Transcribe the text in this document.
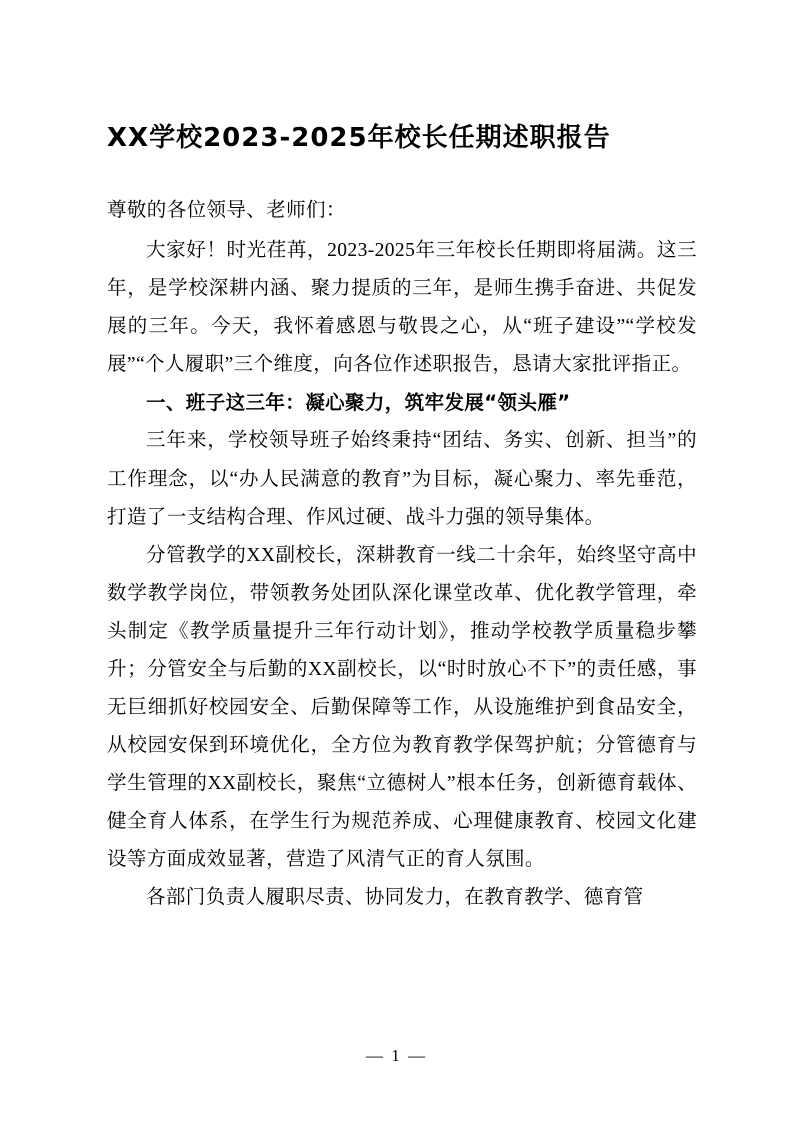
XX学校2023-2025年校长任期述职报告
尊敬的各位领导、老师们：

大家好！时光荏苒，2023-2025年三年校长任期即将届满。这三年，是学校深耕内涵、聚力提质的三年，是师生携手奋进、共促发展的三年。今天，我怀着感恩与敬畏之心，从“班子建设”“学校发展”“个人履职”三个维度，向各位作述职报告，恳请大家批评指正。

一、班子这三年：凝心聚力，筑牢发展“领头雁”

三年来，学校领导班子始终秉持“团结、务实、创新、担当”的工作理念，以“办人民满意的教育”为目标，凝心聚力、率先垂范，打造了一支结构合理、作风过硬、战斗力强的领导集体。

分管教学的XX副校长，深耕教育一线二十余年，始终坚守高中数学教学岗位，带领教务处团队深化课堂改革、优化教学管理，牵头制定《教学质量提升三年行动计划》，推动学校教学质量稳步攀升；分管安全与后勤的XX副校长，以“时时放心不下”的责任感，事无巨细抓好校园安全、后勤保障等工作，从设施维护到食品安全，从校园安保到环境优化，全方位为教育教学保驾护航；分管德育与学生管理的XX副校长，聚焦“立德树人”根本任务，创新德育载体、健全育人体系，在学生行为规范养成、心理健康教育、校园文化建设等方面成效显著，营造了风清气正的育人氛围。

各部门负责人履职尽责、协同发力，在教育教学、德育管

— 1 —
